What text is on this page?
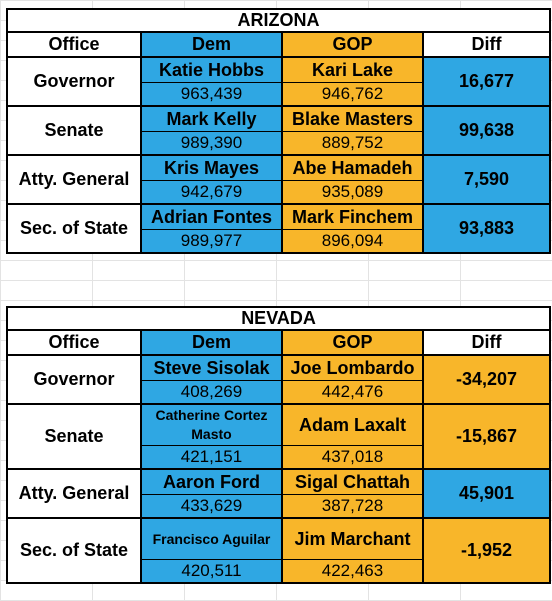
ARIZONA			
Office	Dem	GOP	Diff
Governor	Katie Hobbs	Kari Lake	16,677
	963,439	946,762	
Senate	Mark Kelly	Blake Masters	99,638
	989,390	889,752	
Atty. General	Kris Mayes	Abe Hamadeh	7,590
	942,679	935,089	
Sec. of State	Adrian Fontes	Mark Finchem	93,883
	989,977	896,094	
NEVADA			
Office	Dem	GOP	Diff
Governor	Steve Sisolak	Joe Lombardo	-34,207
	408,269	442,476	
Senate	Catherine Cortez Masto	Adam Laxalt	-15,867
	421,151	437,018	
Atty. General	Aaron Ford	Sigal Chattah	45,901
	433,629	387,728	
Sec. of State	Francisco Aguilar	Jim Marchant	-1,952
	420,511	422,463	
